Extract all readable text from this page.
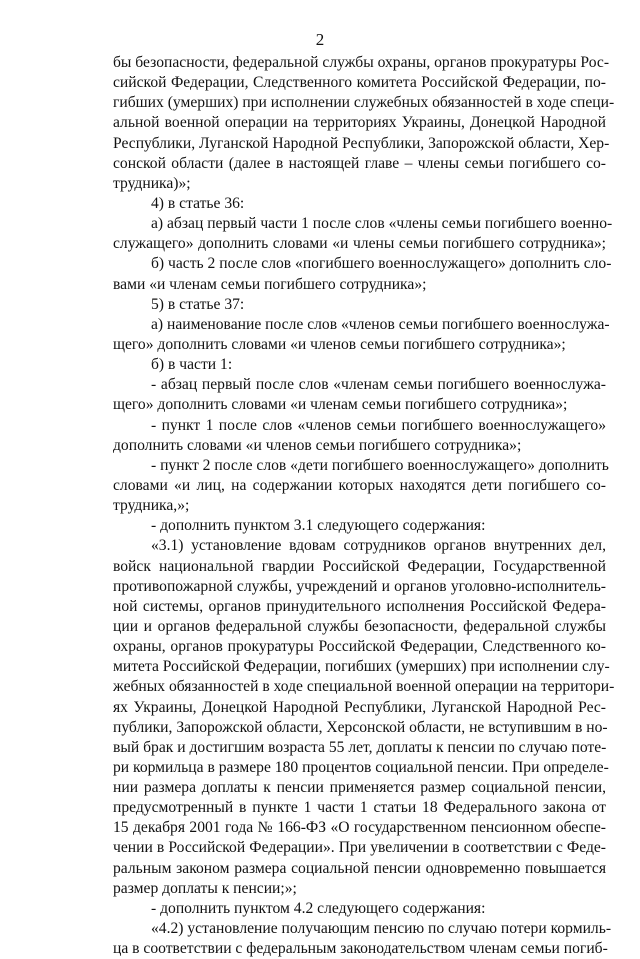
2
бы безопасности, федеральной службы охраны, органов прокуратуры Рос-
сийской Федерации, Следственного комитета Российской Федерации, по-
гибших (умерших) при исполнении служебных обязанностей в ходе специ-
альной военной операции на территориях Украины, Донецкой Народной
Республики, Луганской Народной Республики, Запорожской области, Хер-
сонской области (далее в настоящей главе – члены семьи погибшего со-
трудника)»;
4) в статье 36:
а) абзац первый части 1 после слов «члены семьи погибшего военно-
служащего» дополнить словами «и члены семьи погибшего сотрудника»;
б) часть 2 после слов «погибшего военнослужащего» дополнить сло-
вами «и членам семьи погибшего сотрудника»;
5) в статье 37:
а) наименование после слов «членов семьи погибшего военнослужа-
щего» дополнить словами «и членов семьи погибшего сотрудника»;
б) в части 1:
- абзац первый после слов «членам семьи погибшего военнослужа-
щего» дополнить словами «и членам семьи погибшего сотрудника»;
- пункт 1 после слов «членов семьи погибшего военнослужащего»
дополнить словами «и членов семьи погибшего сотрудника»;
- пункт 2 после слов «дети погибшего военнослужащего» дополнить
словами «и лиц, на содержании которых находятся дети погибшего со-
трудника,»;
- дополнить пунктом 3.1 следующего содержания:
«3.1) установление вдовам сотрудников органов внутренних дел,
войск национальной гвардии Российской Федерации, Государственной
противопожарной службы, учреждений и органов уголовно-исполнитель-
ной системы, органов принудительного исполнения Российской Федера-
ции и органов федеральной службы безопасности, федеральной службы
охраны, органов прокуратуры Российской Федерации, Следственного ко-
митета Российской Федерации, погибших (умерших) при исполнении слу-
жебных обязанностей в ходе специальной военной операции на территори-
ях Украины, Донецкой Народной Республики, Луганской Народной Рес-
публики, Запорожской области, Херсонской области, не вступившим в но-
вый брак и достигшим возраста 55 лет, доплаты к пенсии по случаю поте-
ри кормильца в размере 180 процентов социальной пенсии. При определе-
нии размера доплаты к пенсии применяется размер социальной пенсии,
предусмотренный в пункте 1 части 1 статьи 18 Федерального закона от
15 декабря 2001 года № 166-ФЗ «О государственном пенсионном обеспе-
чении в Российской Федерации». При увеличении в соответствии с Феде-
ральным законом размера социальной пенсии одновременно повышается
размер доплаты к пенсии;»;
- дополнить пунктом 4.2 следующего содержания:
«4.2) установление получающим пенсию по случаю потери кормиль-
ца в соответствии с федеральным законодательством членам семьи погиб-
